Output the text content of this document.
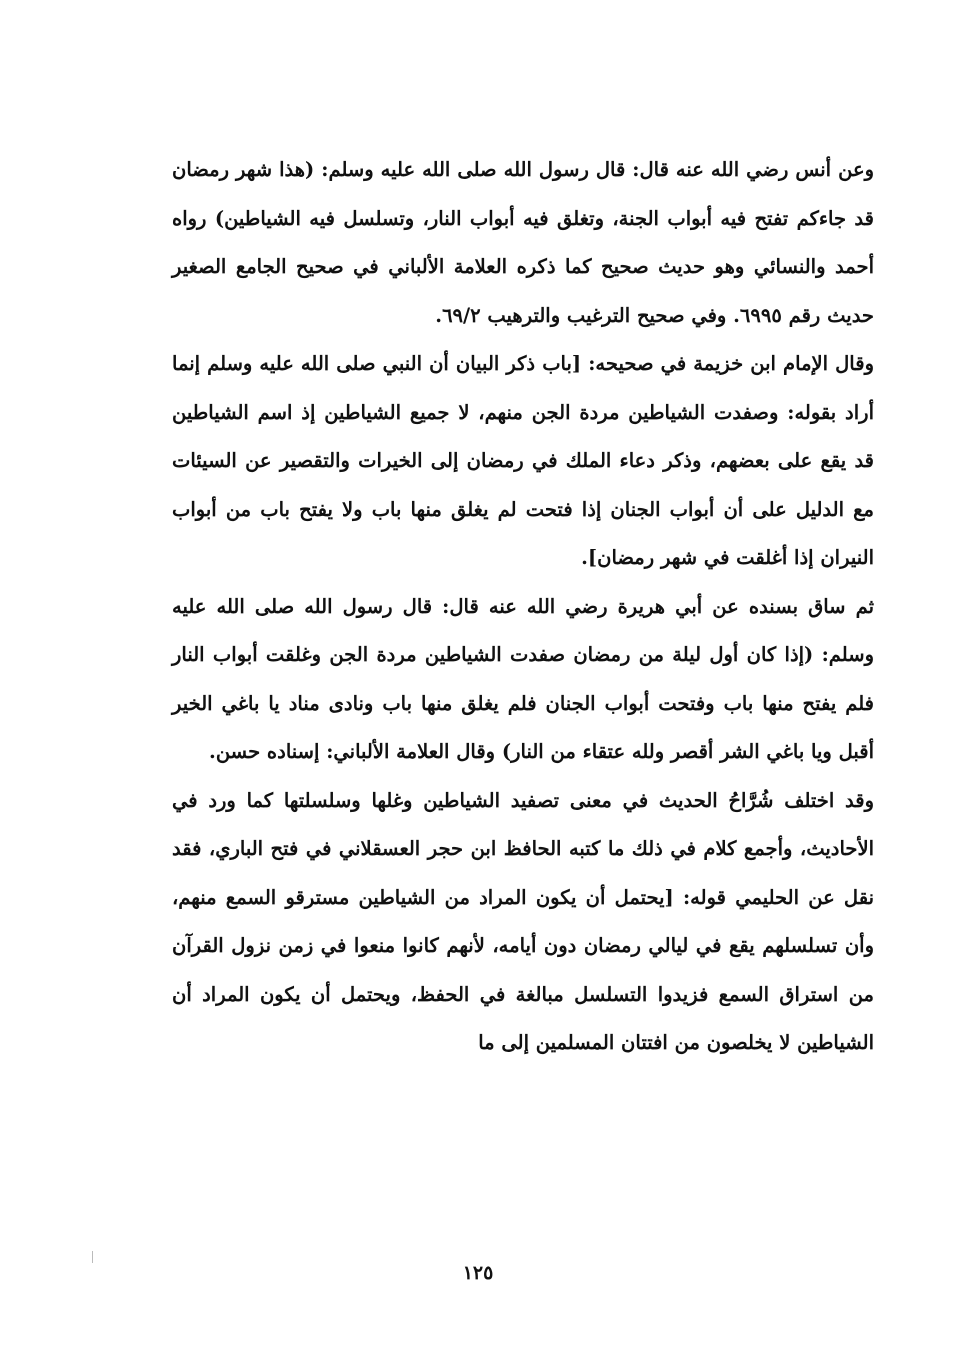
وعن أنس رضي الله عنه قال: قال رسول الله صلى الله عليه وسلم: (هذا شهر رمضان قد جاءكم تفتح فيه أبواب الجنة، وتغلق فيه أبواب النار، وتسلسل فيه الشياطين) رواه أحمد والنسائي وهو حديث صحيح كما ذكره العلامة الألباني في صحيح الجامع الصغير حديث رقم ٦٩٩٥. وفي صحيح الترغيب والترهيب ٦٩/٢.

وقال الإمام ابن خزيمة في صحيحه: [باب ذكر البيان أن النبي صلى الله عليه وسلم إنما أراد بقوله: وصفدت الشياطين مردة الجن منهم، لا جميع الشياطين إذ اسم الشياطين قد يقع على بعضهم، وذكر دعاء الملك في رمضان إلى الخيرات والتقصير عن السيئات مع الدليل على أن أبواب الجنان إذا فتحت لم يغلق منها باب ولا يفتح باب من أبواب النيران إذا أغلقت في شهر رمضان].

ثم ساق بسنده عن أبي هريرة رضي الله عنه قال: قال رسول الله صلى الله عليه وسلم: (إذا كان أول ليلة من رمضان صفدت الشياطين مردة الجن وغلقت أبواب النار فلم يفتح منها باب وفتحت أبواب الجنان فلم يغلق منها باب ونادى مناد يا باغي الخير أقبل ويا باغي الشر أقصر ولله عتقاء من النار) وقال العلامة الألباني: إسناده حسن.

وقد اختلف شُرَّاحُ الحديث في معنى تصفيد الشياطين وغلها وسلسلتها كما ورد في الأحاديث، وأجمع كلام في ذلك ما كتبه الحافظ ابن حجر العسقلاني في فتح الباري، فقد نقل عن الحليمي قوله: [يحتمل أن يكون المراد من الشياطين مسترقو السمع منهم، وأن تسلسلهم يقع في ليالي رمضان دون أيامه، لأنهم كانوا منعوا في زمن نزول القرآن من استراق السمع فزيدوا التسلسل مبالغة في الحفظ، ويحتمل أن يكون المراد أن الشياطين لا يخلصون من افتتان المسلمين إلى ما

١٢٥
